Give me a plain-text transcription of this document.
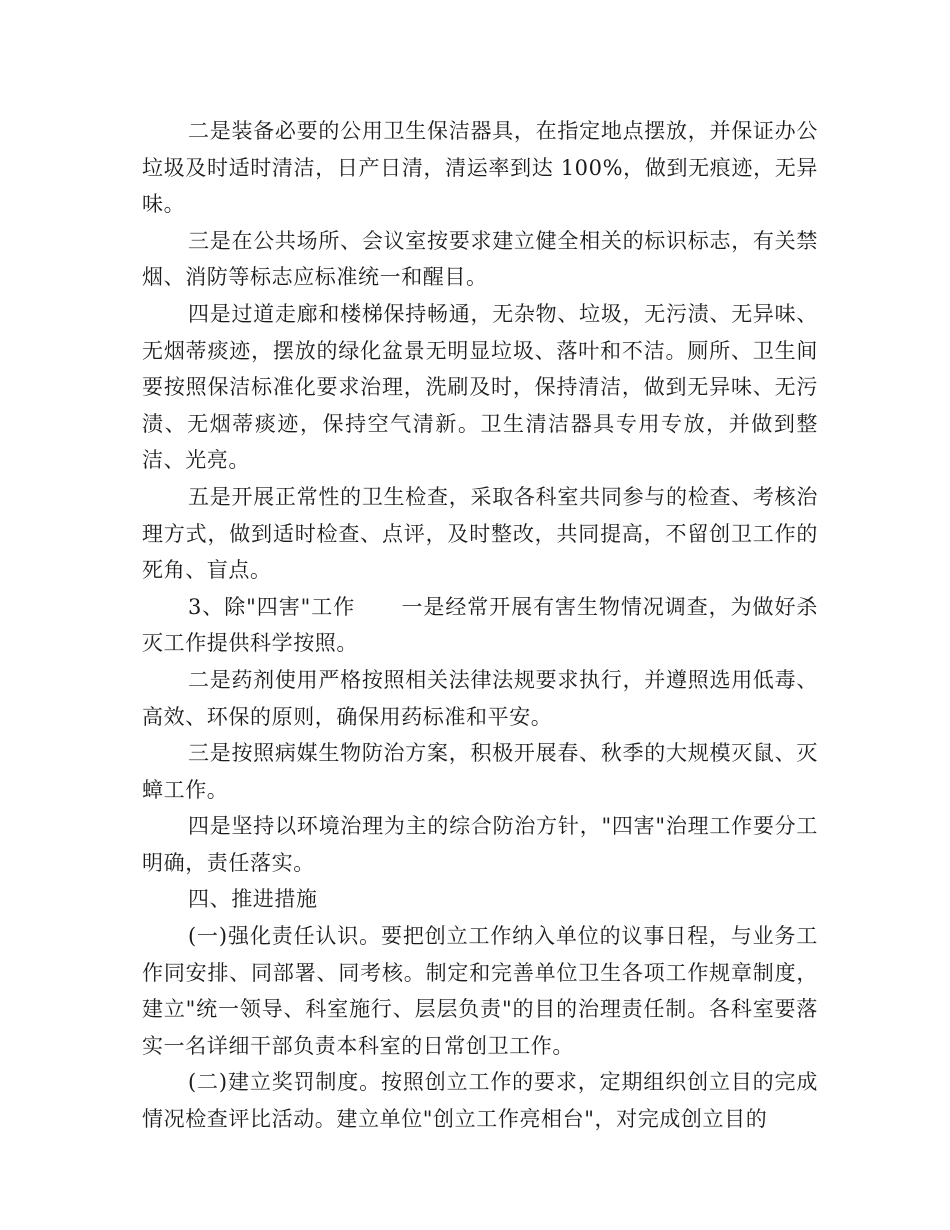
二是装备必要的公用卫生保洁器具，在指定地点摆放，并保证办公垃圾及时适时清洁，日产日清，清运率到达 100%，做到无痕迹，无异味。

三是在公共场所、会议室按要求建立健全相关的标识标志，有关禁烟、消防等标志应标准统一和醒目。

四是过道走廊和楼梯保持畅通，无杂物、垃圾，无污渍、无异味、无烟蒂痰迹，摆放的绿化盆景无明显垃圾、落叶和不洁。厕所、卫生间要按照保洁标准化要求治理，洗刷及时，保持清洁，做到无异味、无污渍、无烟蒂痰迹，保持空气清新。卫生清洁器具专用专放，并做到整洁、光亮。

五是开展正常性的卫生检查，采取各科室共同参与的检查、考核治理方式，做到适时检查、点评，及时整改，共同提高，不留创卫工作的死角、盲点。

3、除"四害"工作 一是经常开展有害生物情况调查，为做好杀灭工作提供科学按照。

二是药剂使用严格按照相关法律法规要求执行，并遵照选用低毒、高效、环保的原则，确保用药标准和平安。

三是按照病媒生物防治方案，积极开展春、秋季的大规模灭鼠、灭蟑工作。

四是坚持以环境治理为主的综合防治方针，"四害"治理工作要分工明确，责任落实。

四、推进措施

(一)强化责任认识。要把创立工作纳入单位的议事日程，与业务工作同安排、同部署、同考核。制定和完善单位卫生各项工作规章制度，建立"统一领导、科室施行、层层负责"的目的治理责任制。各科室要落实一名详细干部负责本科室的日常创卫工作。

(二)建立奖罚制度。按照创立工作的要求，定期组织创立目的完成情况检查评比活动。建立单位"创立工作亮相台"，对完成创立目的
